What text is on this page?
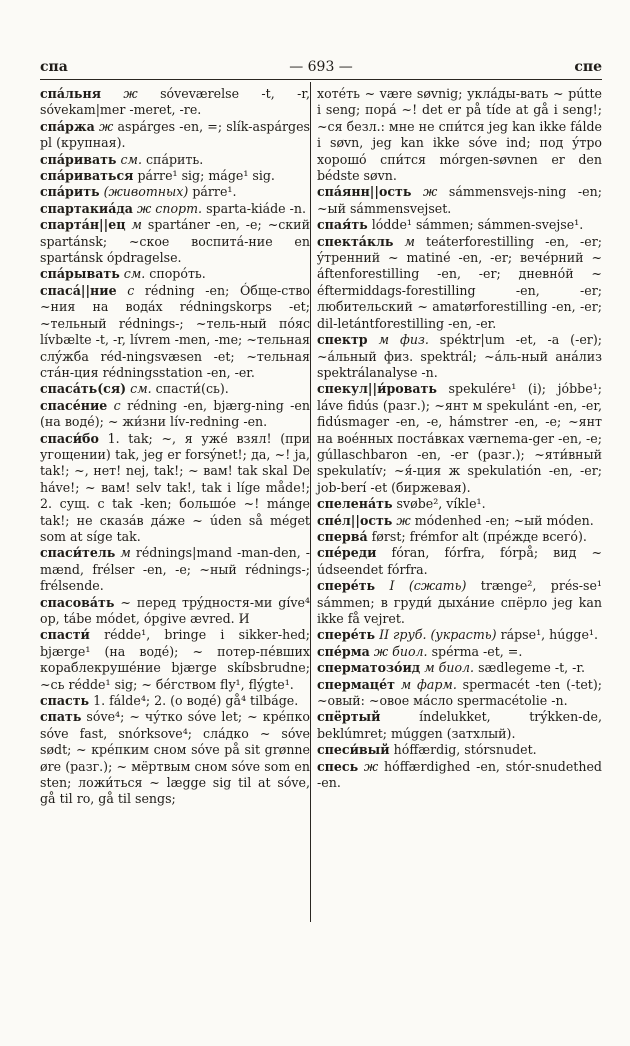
спа	— 693 —	спе
спáльня ж sóveværelse -t, -r, sóvekam|mer -meret, -re.
спáржа ж aspárges -en, =; slík-aspárges pl (крупная).
спáривать см. спáрить.
спáриваться párre¹ sig; máge¹ sig.
спáрить (животных) párre¹.
спартакиáда ж спорт. sparta-kiáde -n.
спартáн||ец м spartáner -en, -e; ~ский spartánsk; ~ское воспитá-ние en spartánsk ópdragelse.
спáрывать см. спорóть.
спасá||ние с rédning -en; Óбще-ство ~ния на водáх rédningskorps -et; ~тельный rédnings-; ~тель-ный пóяс lívbælte -t, -r, lívrem -men, -me; ~тельная слýжба réd-ningsvæsen -et; ~тельная стáн-ция rédningsstation -en, -er.
спасáть(ся) см. спасти́(сь).
спасéние с rédning -en, bjærg-ning -en (на водé); ~ жи́зни lív-redning -en.
спаси́бо 1. tak; ~, я ужé взял! (при угощении) tak, jeg er forsýnet!; да, ~! ja, tak!; ~, нет! nej, tak!; ~ вам! tak skal De háve!; ~ вам! selv tak!, tak i líge måde!; 2. сущ. с tak -ken; большóе ~! mánge tak!; не сказáв дáже ~ úden så méget som at síge tak.
спаси́тель м rédnings|mand -man-den, -mænd, frélser -en, -e; ~ный rédnings-; frélsende.
спасовáть ~ перед трýдностя-ми gíve⁴ op, tábe módet, ópgive ævred. И
спасти́ rédde¹, bringe i sikker-hed; bjærge¹ (на водé); ~ потер-пéвших кораблекрушéние bjærge skíbsbrudne; ~сь rédde¹ sig; ~ бéгством fly¹, flýgte¹.
спасть 1. fálde⁴; 2. (о водé) gå⁴ tilbáge.
спать sóve⁴; ~ чýтко sóve let; ~ крéпко sóve fast, snórksove⁴; слáдко ~ sóve sødt; ~ крéпким сном sóve på sit grønne øre (разг.); ~ мёртвым сном sóve som en sten; ложи́ться ~ lægge sig til at sóve, gå til ro, gå til sengs;
хотéть ~ være søvnig; уклáды-вать ~ pútte i seng; порá ~! det er på tíde at gå i seng!; ~ся безл.: мне не спи́тся jeg kan ikke fálde i søvn, jeg kan ikke sóve ind; под ýтро хорошó спи́тся mórgen-søvnen er den bédste søvn.
спáянн||ость ж sámmensvejs-ning -en; ~ый sámmensvejset.
спая́ть lódde¹ sámmen; sámmen-svejse¹.
спектáкль м teáterforestilling -en, -er; ýтренний ~ matiné -en, -er; вечéрний ~ áftenforestilling -en, -er; дневнóй ~ éftermiddags-forestilling -en, -er; любительский ~ amatørforestilling -en, -er; dil-letántforestilling -en, -er.
спектр м физ. spéktr|um -et, -a (-er); ~áльный физ. spektrál; ~áль-ный анáлиз spektrálanalyse -n.
спекул||и́ровать spekulére¹ (i); jóbbe¹; láve fidús (разг.); ~янт м spekulánt -en, -er, fidúsmager -en, -e, hámstrer -en, -e; ~янт на воéнных постáвках værnema-ger -en, -e; gúllaschbaron -en, -er (разг.); ~яти́вный spekulatív; ~я́-ция ж spekulatión -en, -er; job-berí -et (биржевая).
спеленáть svøbe², víkle¹.
спéл||ость ж módenhed -en; ~ый móden.
сперва́ først; frémfor alt (прéжде всегó).
спéреди fóran, fórfra, fórpå; вид ~ údseendet fórfra.
сперéть I (сжать) trænge², prés-se¹ sámmen; в груди́ дыхáние спёрло jeg kan ikke få vejret.
сперéть II груб. (украсть) rápse¹, húgge¹.
спéрма ж биол. spérma -et, =.
сперматозóид м биол. sædlegeme -t, -r.
спермацéт м фарм. spermacét -ten (-tet); ~овый: ~овое мáсло spermacétolie -n.
спёртый	índelukket, trýkken-de, beklúmret; múggen (затхлый).
спеси́вый hóffærdig, stórsnudet.
спесь ж hóffærdighed -en, stór-snudethed -en.
